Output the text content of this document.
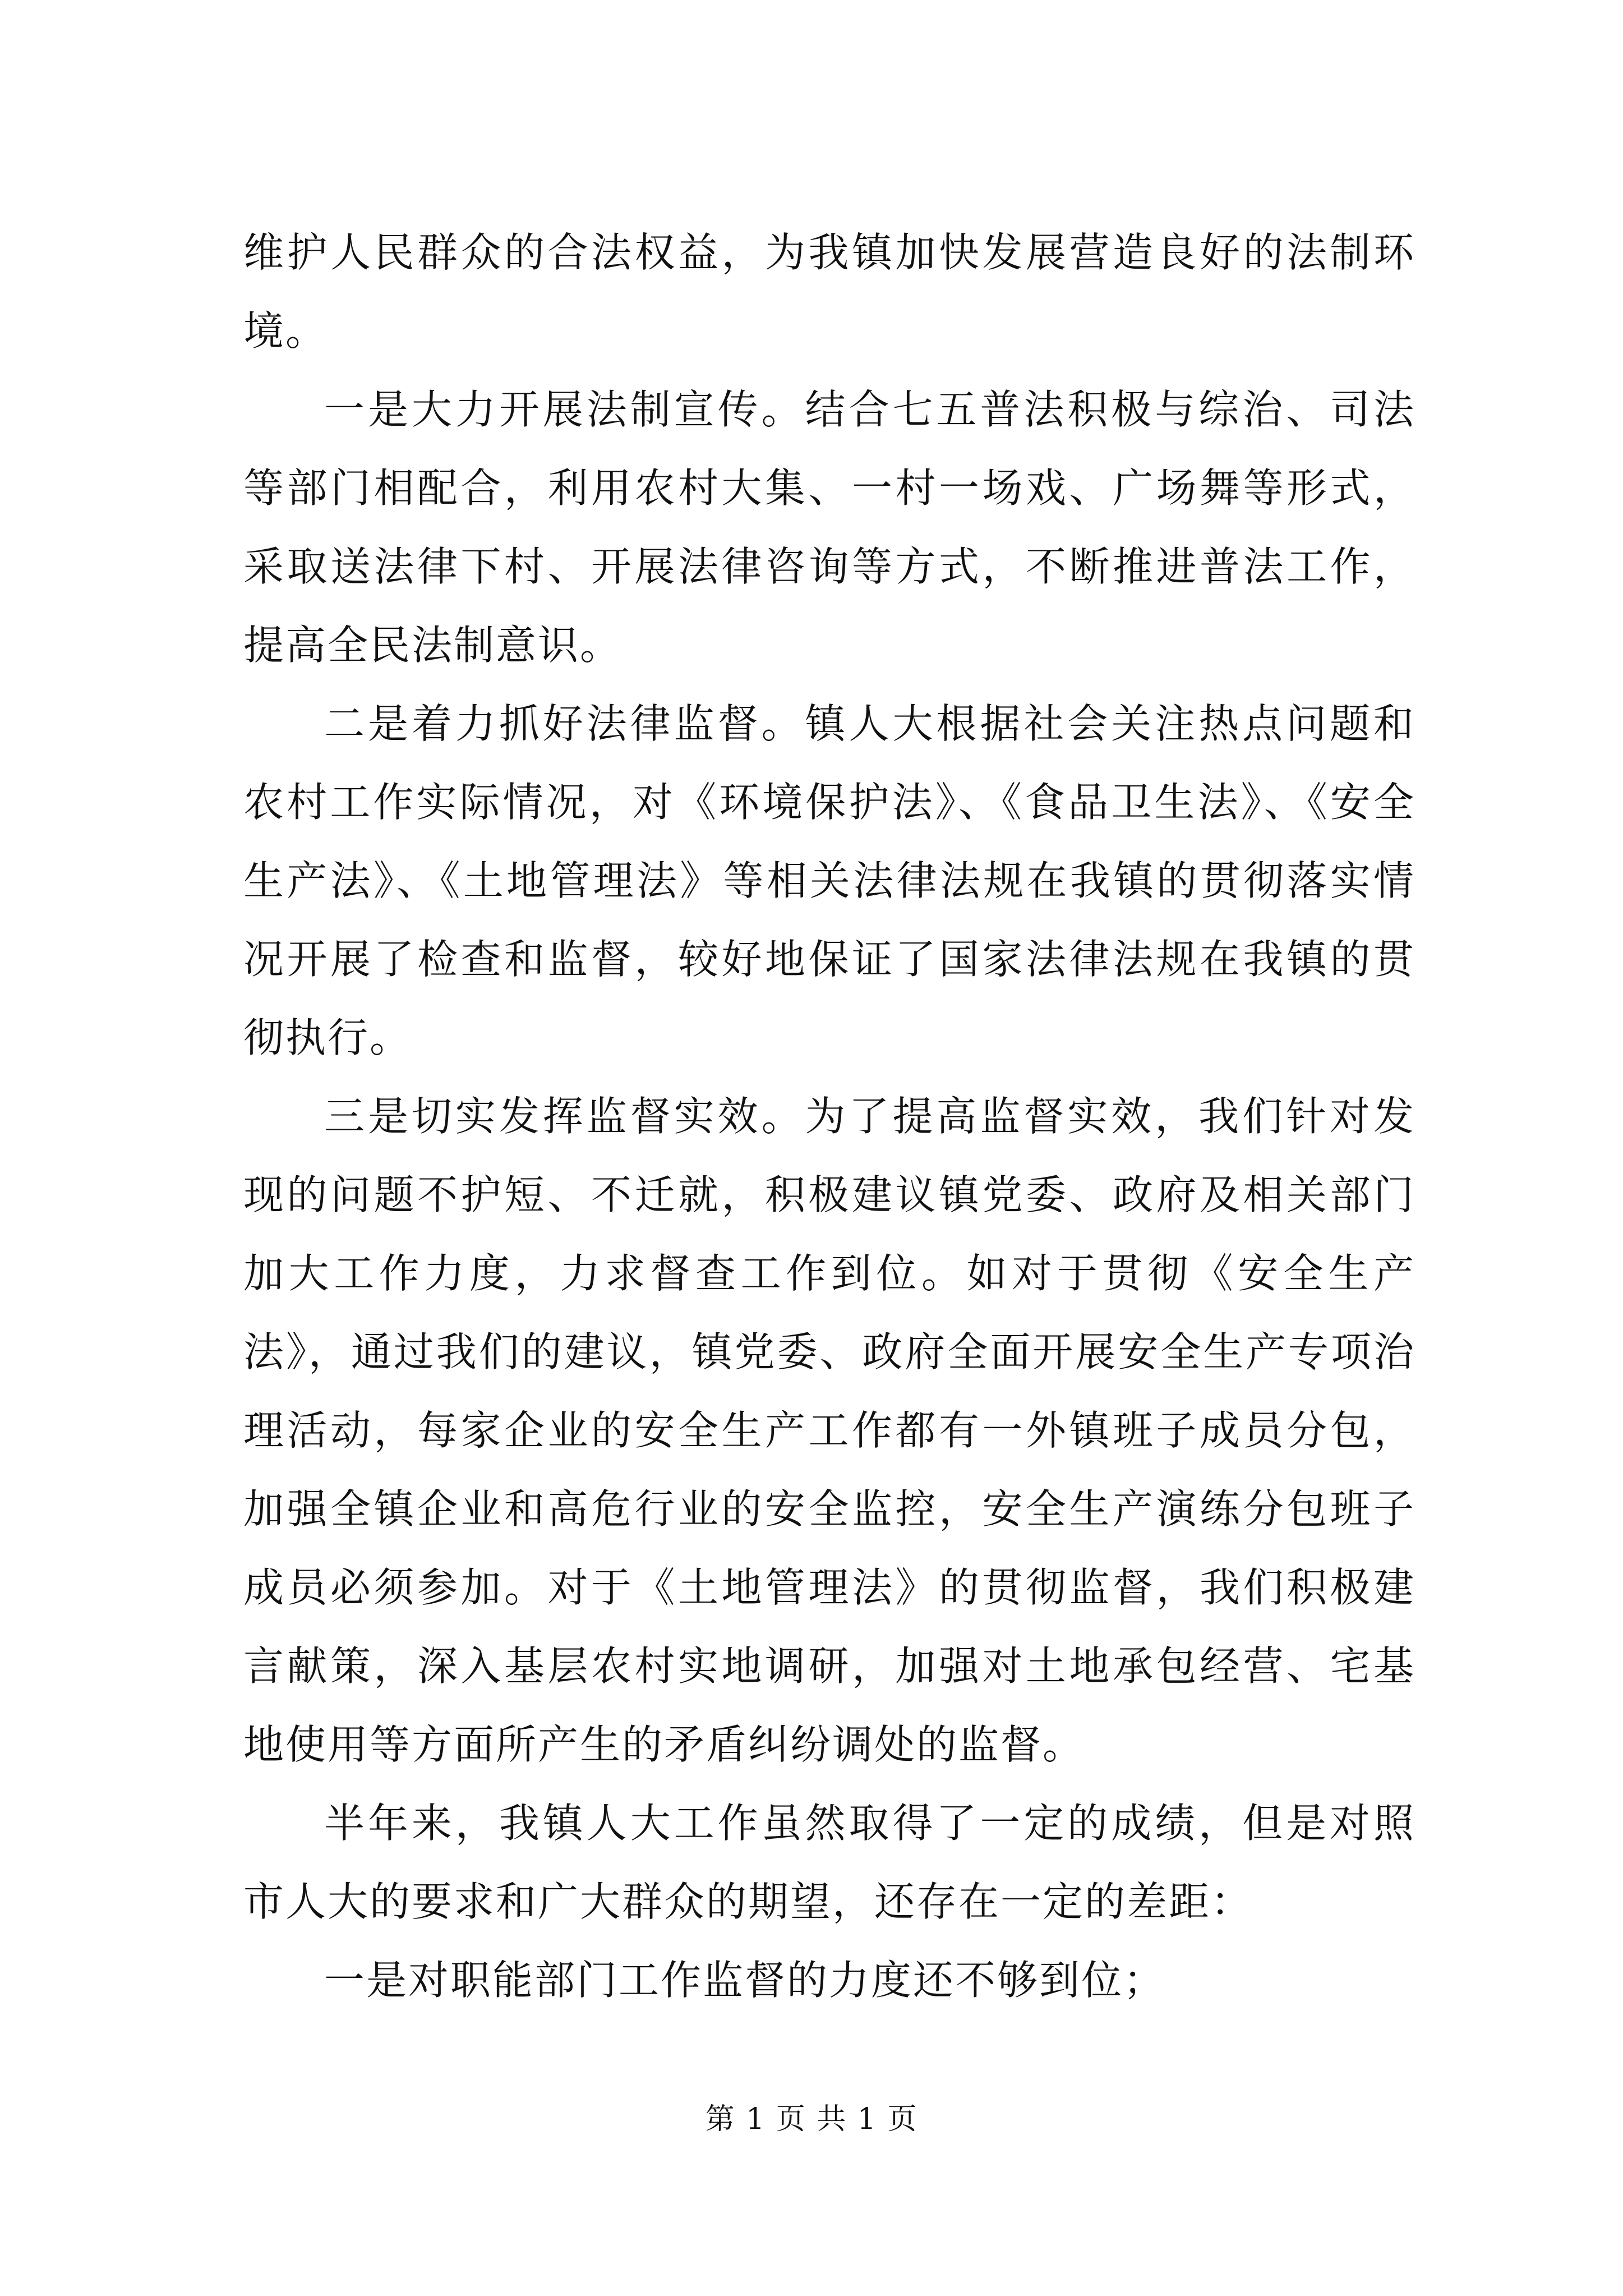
维护人民群众的合法权益，为我镇加快发展营造良好的法制环境。

一是大力开展法制宣传。结合七五普法积极与综治、司法等部门相配合，利用农村大集、一村一场戏、广场舞等形式，采取送法律下村、开展法律咨询等方式，不断推进普法工作，提高全民法制意识。

二是着力抓好法律监督。镇人大根据社会关注热点问题和农村工作实际情况，对《环境保护法》、《食品卫生法》、《安全生产法》、《土地管理法》等相关法律法规在我镇的贯彻落实情况开展了检查和监督，较好地保证了国家法律法规在我镇的贯彻执行。

三是切实发挥监督实效。为了提高监督实效，我们针对发现的问题不护短、不迁就，积极建议镇党委、政府及相关部门加大工作力度，力求督查工作到位。如对于贯彻《安全生产法》，通过我们的建议，镇党委、政府全面开展安全生产专项治理活动，每家企业的安全生产工作都有一外镇班子成员分包，加强全镇企业和高危行业的安全监控，安全生产演练分包班子成员必须参加。对于《土地管理法》的贯彻监督，我们积极建言献策，深入基层农村实地调研，加强对土地承包经营、宅基地使用等方面所产生的矛盾纠纷调处的监督。

半年来，我镇人大工作虽然取得了一定的成绩，但是对照市人大的要求和广大群众的期望，还存在一定的差距：

一是对职能部门工作监督的力度还不够到位；

第 1 页 共 1 页
